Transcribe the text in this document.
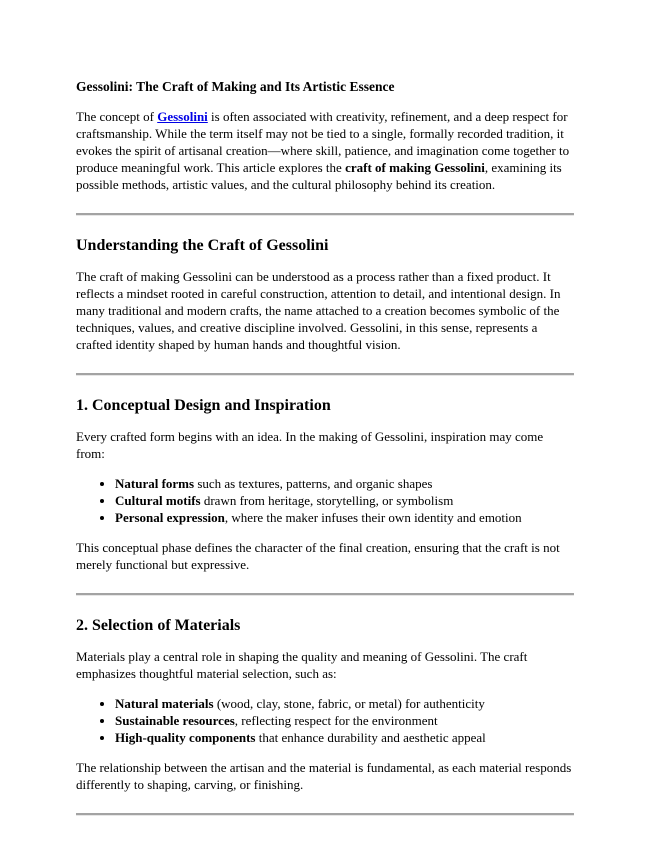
Gessolini: The Craft of Making and Its Artistic Essence

The concept of Gessolini is often associated with creativity, refinement, and a deep respect for craftsmanship. While the term itself may not be tied to a single, formally recorded tradition, it evokes the spirit of artisanal creation—where skill, patience, and imagination come together to produce meaningful work. This article explores the craft of making Gessolini, examining its possible methods, artistic values, and the cultural philosophy behind its creation.

Understanding the Craft of Gessolini

The craft of making Gessolini can be understood as a process rather than a fixed product. It reflects a mindset rooted in careful construction, attention to detail, and intentional design. In many traditional and modern crafts, the name attached to a creation becomes symbolic of the techniques, values, and creative discipline involved. Gessolini, in this sense, represents a crafted identity shaped by human hands and thoughtful vision.

1. Conceptual Design and Inspiration

Every crafted form begins with an idea. In the making of Gessolini, inspiration may come from:

• Natural forms such as textures, patterns, and organic shapes
• Cultural motifs drawn from heritage, storytelling, or symbolism
• Personal expression, where the maker infuses their own identity and emotion

This conceptual phase defines the character of the final creation, ensuring that the craft is not merely functional but expressive.

2. Selection of Materials

Materials play a central role in shaping the quality and meaning of Gessolini. The craft emphasizes thoughtful material selection, such as:

• Natural materials (wood, clay, stone, fabric, or metal) for authenticity
• Sustainable resources, reflecting respect for the environment
• High-quality components that enhance durability and aesthetic appeal

The relationship between the artisan and the material is fundamental, as each material responds differently to shaping, carving, or finishing.
